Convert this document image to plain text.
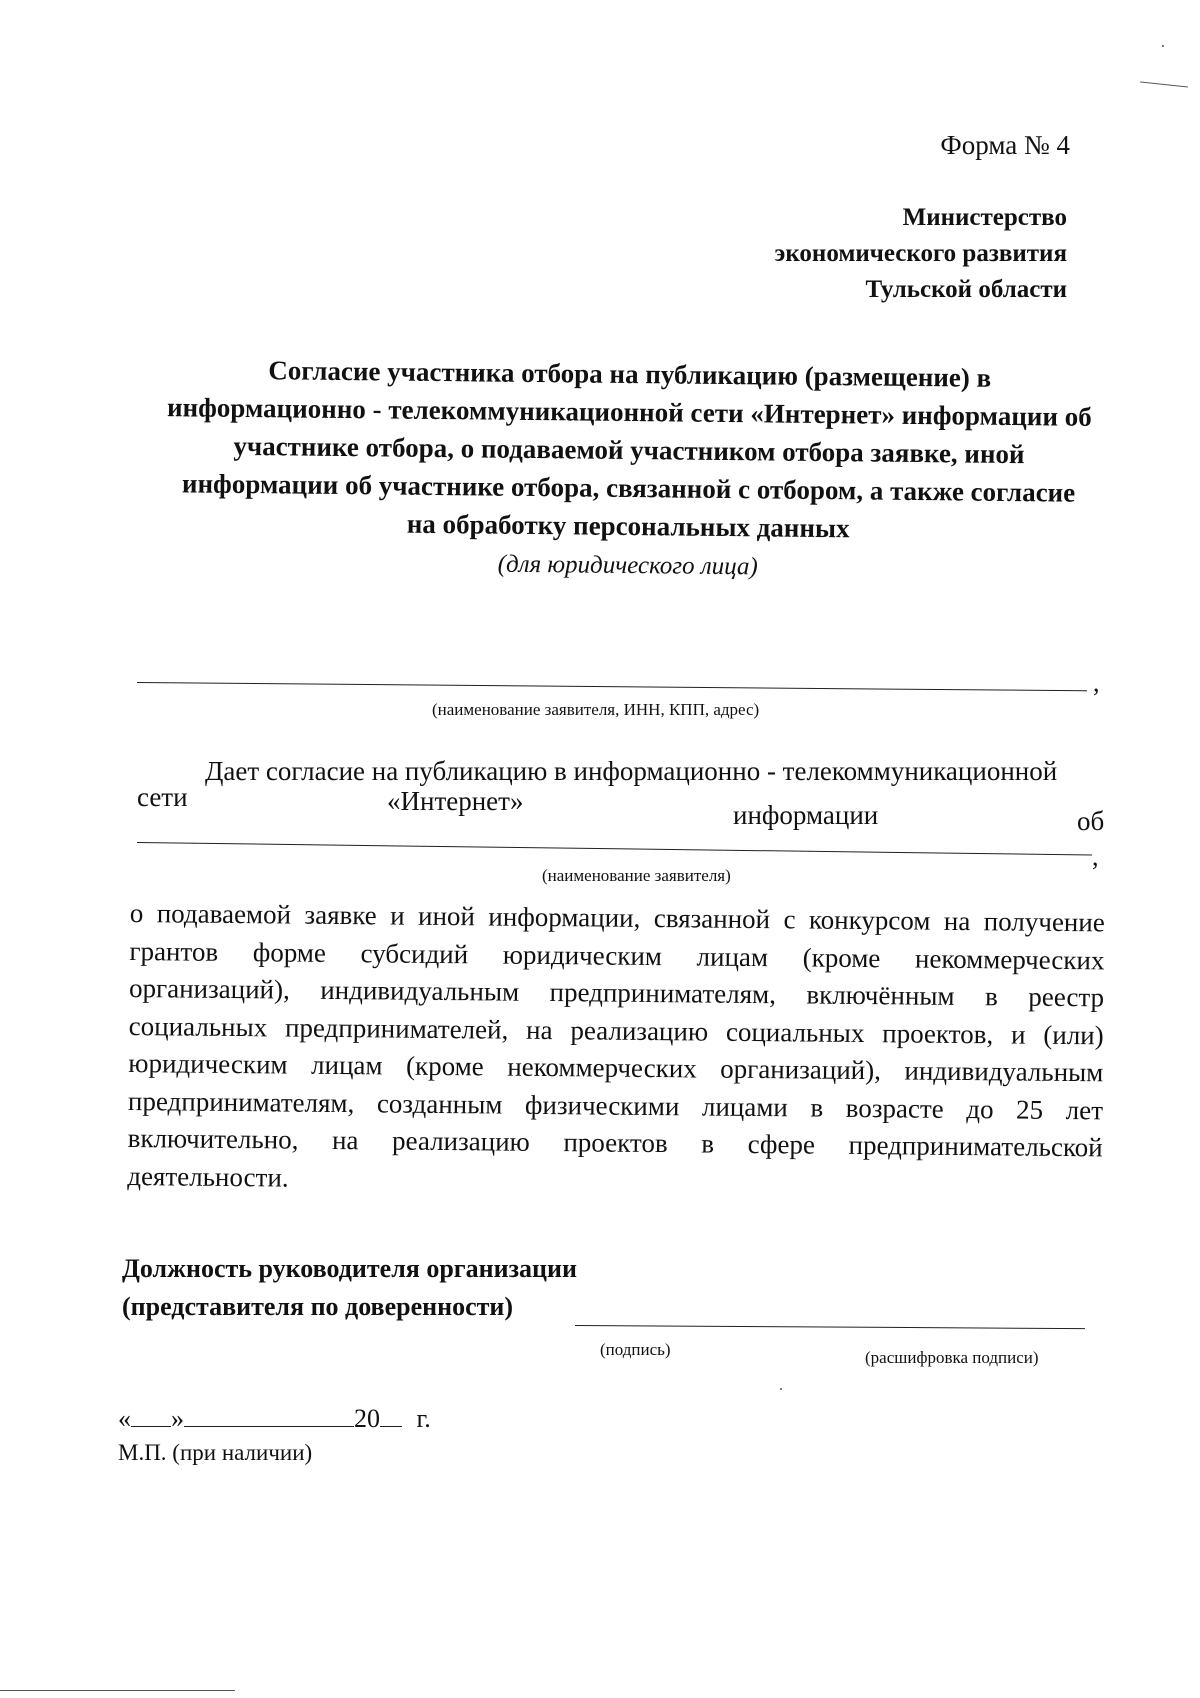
Форма № 4
Министерство
экономического развития
Тульской области
Согласие участника отбора на публикацию (размещение) в
информационно - телекоммуникационной сети «Интернет» информации об
участнике отбора, о подаваемой участником отбора заявке, иной
информации об участнике отбора, связанной с отбором, а также согласие
на обработку персональных данных
(для юридического лица)
,
(наименование заявителя, ИНН, КПП, адрес)
Дает согласие на публикацию в информационно - телекоммуникационной
сети	«Интернет»	информации	об
,
(наименование заявителя)
о подаваемой заявке и иной информации, связанной с конкурсом на получение грантов форме субсидий юридическим лицам (кроме некоммерческих организаций), индивидуальным предпринимателям, включённым в реестр социальных предпринимателей, на реализацию социальных проектов, и (или) юридическим лицам (кроме некоммерческих организаций), индивидуальным предпринимателям, созданным физическими лицами в возрасте до 25 лет включительно, на реализацию проектов в сфере предпринимательской деятельности.
Должность руководителя организации
(представителя по доверенности)
(подпись)	(расшифровка подписи)
« »	20 г.
М.П. (при наличии)
